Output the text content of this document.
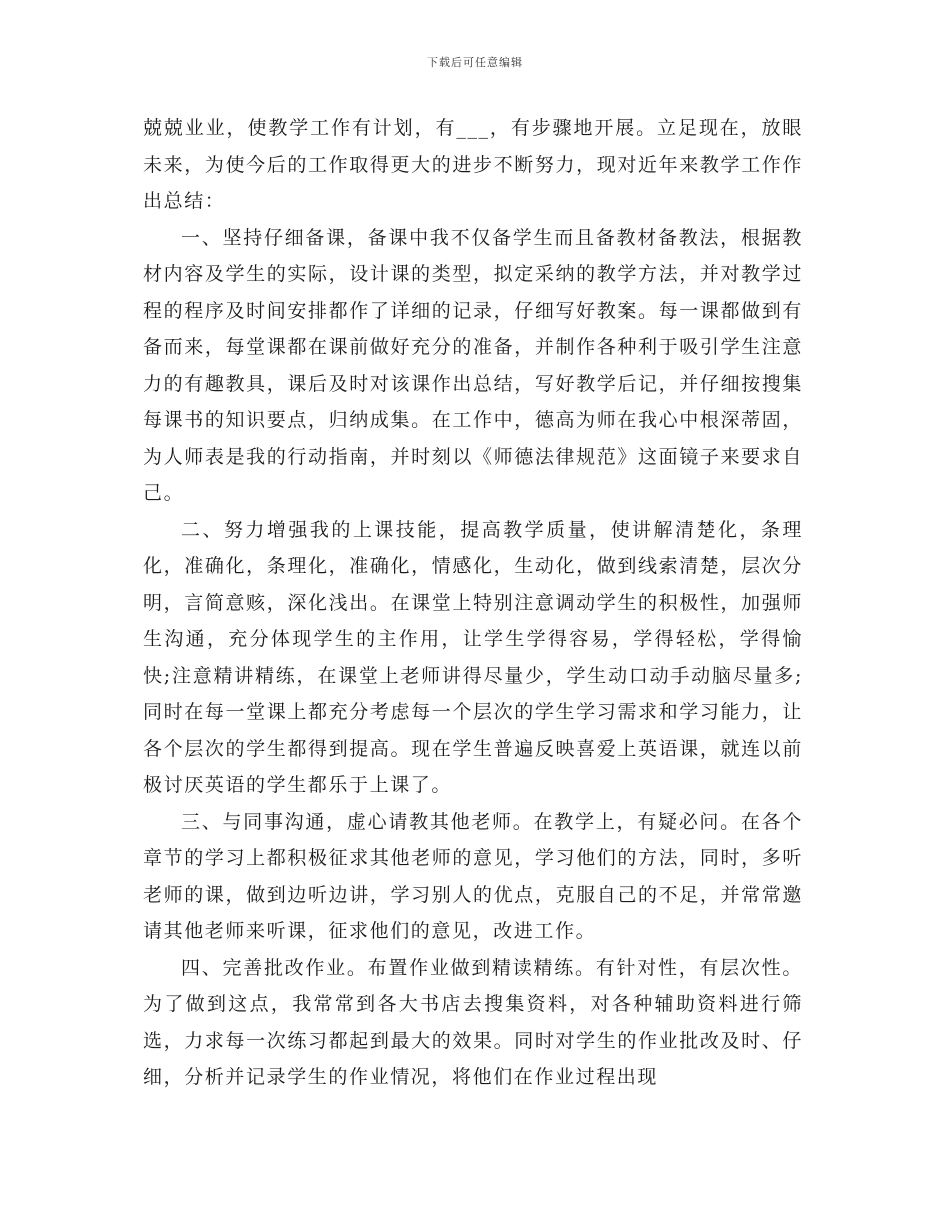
下载后可任意编辑

兢兢业业，使教学工作有计划，有___，有步骤地开展。立足现在，放眼未来，为使今后的工作取得更大的进步不断努力，现对近年来教学工作作出总结：

一、坚持仔细备课，备课中我不仅备学生而且备教材备教法，根据教材内容及学生的实际，设计课的类型，拟定采纳的教学方法，并对教学过程的程序及时间安排都作了详细的记录，仔细写好教案。每一课都做到有备而来，每堂课都在课前做好充分的准备，并制作各种利于吸引学生注意力的有趣教具，课后及时对该课作出总结，写好教学后记，并仔细按搜集每课书的知识要点，归纳成集。在工作中，德高为师在我心中根深蒂固，为人师表是我的行动指南，并时刻以《师德法律规范》这面镜子来要求自己。

二、努力增强我的上课技能，提高教学质量，使讲解清楚化，条理化，准确化，条理化，准确化，情感化，生动化，做到线索清楚，层次分明，言简意赅，深化浅出。在课堂上特别注意调动学生的积极性，加强师生沟通，充分体现学生的主作用，让学生学得容易，学得轻松，学得愉快;注意精讲精练，在课堂上老师讲得尽量少，学生动口动手动脑尽量多;同时在每一堂课上都充分考虑每一个层次的学生学习需求和学习能力，让各个层次的学生都得到提高。现在学生普遍反映喜爱上英语课，就连以前极讨厌英语的学生都乐于上课了。

三、与同事沟通，虚心请教其他老师。在教学上，有疑必问。在各个章节的学习上都积极征求其他老师的意见，学习他们的方法，同时，多听老师的课，做到边听边讲，学习别人的优点，克服自己的不足，并常常邀请其他老师来听课，征求他们的意见，改进工作。

四、完善批改作业。布置作业做到精读精练。有针对性，有层次性。为了做到这点，我常常到各大书店去搜集资料，对各种辅助资料进行筛选，力求每一次练习都起到最大的效果。同时对学生的作业批改及时、仔细，分析并记录学生的作业情况，将他们在作业过程出现
